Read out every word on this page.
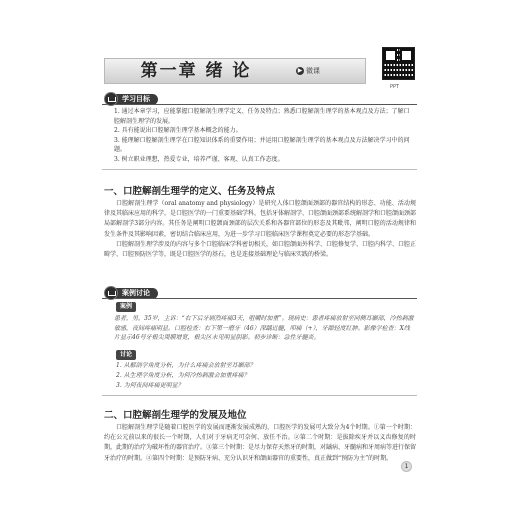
第一章 绪 论	▶ 微课
PPT
学习目标

1. 通过本章学习，应能掌握口腔解剖生理学定义、任务及特点；熟悉口腔解剖生理学的基本观点及方法；了解口腔解剖生理学的发展。

2. 具有能说出口腔解剖生理学基本概念的能力。

3. 能理解口腔解剖生理学在口腔知识体系的重要作用；并运用口腔解剖生理学的基本观点及方法解决学习中的问题。

3. 树立职业理想，热爱专业，培养严谨、客观、认真工作态度。

一、口腔解剖生理学的定义、任务及特点

口腔解剖生理学（oral anatomy and physiology）是研究人体口腔颌面颈部的器官结构的形态、功能、活动规律及其临床应用的科学，是口腔医学的一门重要基础学科，包括牙体解剖学、口腔颌面颈部系统解剖学和口腔颌面颈部局部解剖学3部分内容。其任务是阐明口腔颌面颈部的层次关系和各器官部位的形态及其毗邻，阐明口腔的活动规律和发生条件及其影响因素，密切结合临床应用，为进一步学习口腔临床医学课程奠定必要的形态学基础。

口腔解剖生理学涉及的内容与多个口腔临床学科密切相关，如口腔颌面外科学、口腔修复学、口腔内科学、口腔正畸学、口腔预防医学等，既是口腔医学的基石，也是连接基础理论与临床实践的桥梁。

案例讨论
案例

患者，男，35岁，主诉：“右下后牙剧烈疼痛3天，咀嚼时加重”。现病史：患者疼痛放射至同侧耳颞部，冷热刺激敏感，夜间疼痛明显。口腔检查：右下第一磨牙（46）深龋近髓，叩痛（+），牙龈轻度红肿。影像学检查：X线片显示46号牙根尖周膜增宽，根尖区未见明显阴影。初步诊断：急性牙髓炎。

讨论

1. 从解剖学角度分析，为什么疼痛会放射至耳颞部？

2. 从生理学角度分析，为何冷热刺激会加重疼痛？

3. 为何夜间疼痛更明显？

二、口腔解剖生理学的发展及地位

口腔解剖生理学是随着口腔医学的发展而逐渐发展成熟的，口腔医学的发展可大致分为4个时期。①第一个时期：约在公元前以来的很长一个时期，人们对于牙病无可奈何、放任不治。②第二个时期：是拔除疾牙并以义齿修复的时期，此期的治疗为破坏性的器官治疗。③第三个时期：是尽力保存天然牙的时期，对龋病、牙髓病和牙周病等进行保留牙治疗的时期。④第四个时期：是预防牙病、充分认识牙和颌面器官的重要性，真正做到“预防为主”的时期。

1
